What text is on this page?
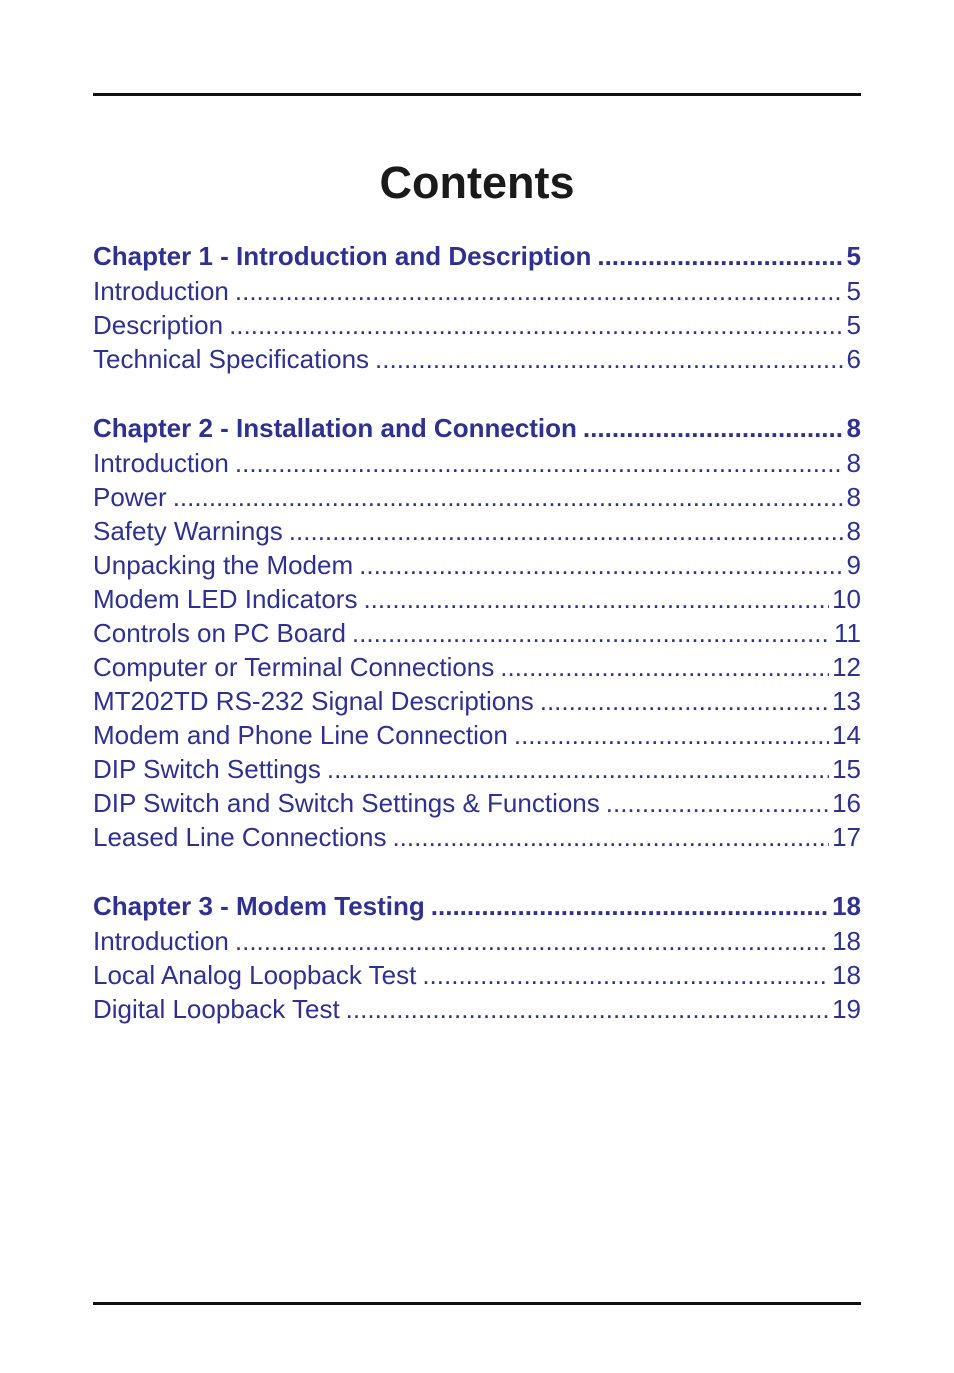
Contents
Chapter 1 - Introduction and Description .....	5
Introduction .....	5
Description .....	5
Technical Specifications .....	6
Chapter 2 - Installation and Connection .....	8
Introduction .....	8
Power .....	8
Safety Warnings .....	8
Unpacking the Modem .....	9
Modem LED Indicators .....	10
Controls on PC Board .....	11
Computer or Terminal Connections .....	12
MT202TD RS-232 Signal Descriptions .....	13
Modem and Phone Line Connection .....	14
DIP Switch Settings .....	15
DIP Switch and Switch Settings & Functions .....	16
Leased Line Connections .....	17
Chapter 3 - Modem Testing .....	18
Introduction .....	18
Local Analog Loopback Test .....	18
Digital Loopback Test .....	19
